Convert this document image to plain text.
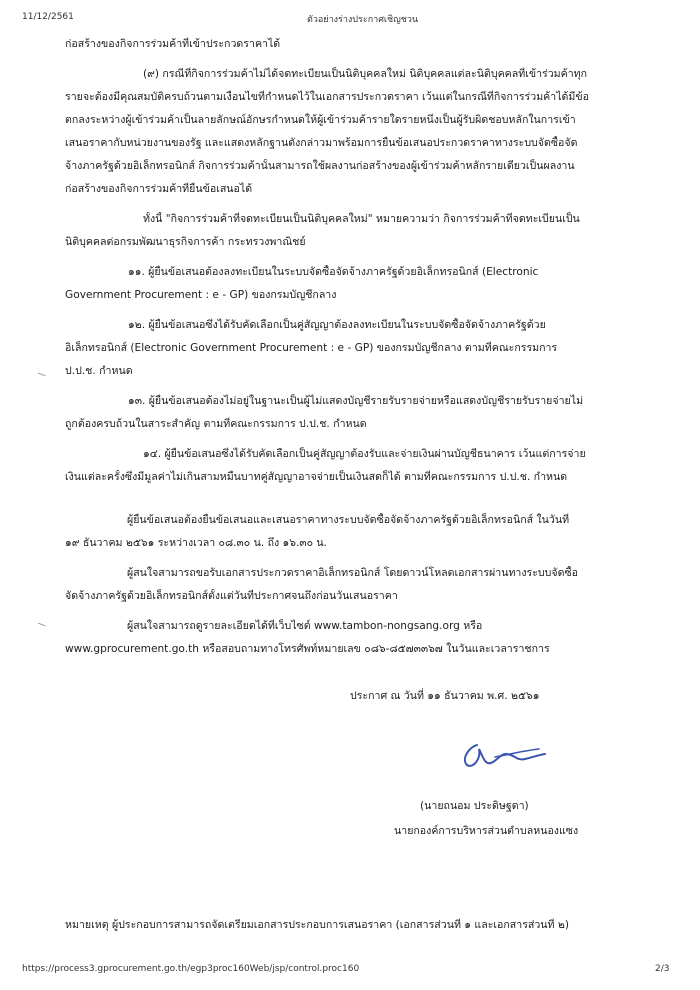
11/12/2561	ตัวอย่างร่างประกาศเชิญชวน
ก่อสร้างของกิจการร่วมค้าที่เข้าประกวดราคาได้
(๙) กรณีที่กิจการร่วมค้าไม่ได้จดทะเบียนเป็นนิติบุคคลใหม่ นิติบุคคลแต่ละนิติบุคคลที่เข้าร่วมค้าทุก
รายจะต้องมีคุณสมบัติครบถ้วนตามเงื่อนไขที่กำหนดไว้ในเอกสารประกวดราคา เว้นแต่ในกรณีที่กิจการร่วมค้าได้มีข้อ
ตกลงระหว่างผู้เข้าร่วมค้าเป็นลายลักษณ์อักษรกำหนดให้ผู้เข้าร่วมค้ารายใดรายหนึ่งเป็นผู้รับผิดชอบหลักในการเข้า
เสนอราคากับหน่วยงานของรัฐ และแสดงหลักฐานดังกล่าวมาพร้อมการยื่นข้อเสนอประกวดราคาทางระบบจัดซื้อจัด
จ้างภาครัฐด้วยอิเล็กทรอนิกส์ กิจการร่วมค้านั้นสามารถใช้ผลงานก่อสร้างของผู้เข้าร่วมค้าหลักรายเดียวเป็นผลงาน
ก่อสร้างของกิจการร่วมค้าที่ยื่นข้อเสนอได้
ทั้งนี้ "กิจการร่วมค้าที่จดทะเบียนเป็นนิติบุคคลใหม่" หมายความว่า กิจการร่วมค้าที่จดทะเบียนเป็น
นิติบุคคลต่อกรมพัฒนาธุรกิจการค้า กระทรวงพาณิชย์
๑๑. ผู้ยื่นข้อเสนอต้องลงทะเบียนในระบบจัดซื้อจัดจ้างภาครัฐด้วยอิเล็กทรอนิกส์ (Electronic
Government Procurement : e - GP) ของกรมบัญชีกลาง
๑๒. ผู้ยื่นข้อเสนอซึ่งได้รับคัดเลือกเป็นคู่สัญญาต้องลงทะเบียนในระบบจัดซื้อจัดจ้างภาครัฐด้วย
อิเล็กทรอนิกส์ (Electronic Government Procurement : e - GP) ของกรมบัญชีกลาง ตามที่คณะกรรมการ
ป.ป.ช. กำหนด
๑๓. ผู้ยื่นข้อเสนอต้องไม่อยู่ในฐานะเป็นผู้ไม่แสดงบัญชีรายรับรายจ่ายหรือแสดงบัญชีรายรับรายจ่ายไม่
ถูกต้องครบถ้วนในสาระสำคัญ ตามที่คณะกรรมการ ป.ป.ช. กำหนด
๑๔. ผู้ยื่นข้อเสนอซึ่งได้รับคัดเลือกเป็นคู่สัญญาต้องรับและจ่ายเงินผ่านบัญชีธนาคาร เว้นแต่การจ่าย
เงินแต่ละครั้งซึ่งมีมูลค่าไม่เกินสามหมื่นบาทคู่สัญญาอาจจ่ายเป็นเงินสดก็ได้ ตามที่คณะกรรมการ ป.ป.ช. กำหนด
ผู้ยื่นข้อเสนอต้องยื่นข้อเสนอและเสนอราคาทางระบบจัดซื้อจัดจ้างภาครัฐด้วยอิเล็กทรอนิกส์ ในวันที่
๑๙ ธันวาคม ๒๕๖๑ ระหว่างเวลา ๐๘.๓๐ น. ถึง ๑๖.๓๐ น.
ผู้สนใจสามารถขอรับเอกสารประกวดราคาอิเล็กทรอนิกส์ โดยดาวน์โหลดเอกสารผ่านทางระบบจัดซื้อ
จัดจ้างภาครัฐด้วยอิเล็กทรอนิกส์ตั้งแต่วันที่ประกาศจนถึงก่อนวันเสนอราคา
ผู้สนใจสามารถดูรายละเอียดได้ที่เว็บไซต์ www.tambon-nongsang.org หรือ
www.gprocurement.go.th หรือสอบถามทางโทรศัพท์หมายเลข ๐๘๖-๘๕๗๓๓๖๗ ในวันและเวลาราชการ
ประกาศ ณ วันที่ ๑๑ ธันวาคม พ.ศ. ๒๕๖๑
(นายถนอม ประดิษฐดา)
นายกองค์การบริหารส่วนตำบลหนองแซง
หมายเหตุ ผู้ประกอบการสามารถจัดเตรียมเอกสารประกอบการเสนอราคา (เอกสารส่วนที่ ๑ และเอกสารส่วนที่ ๒)
https://process3.gprocurement.go.th/egp3proc160Web/jsp/control.proc160	2/3
